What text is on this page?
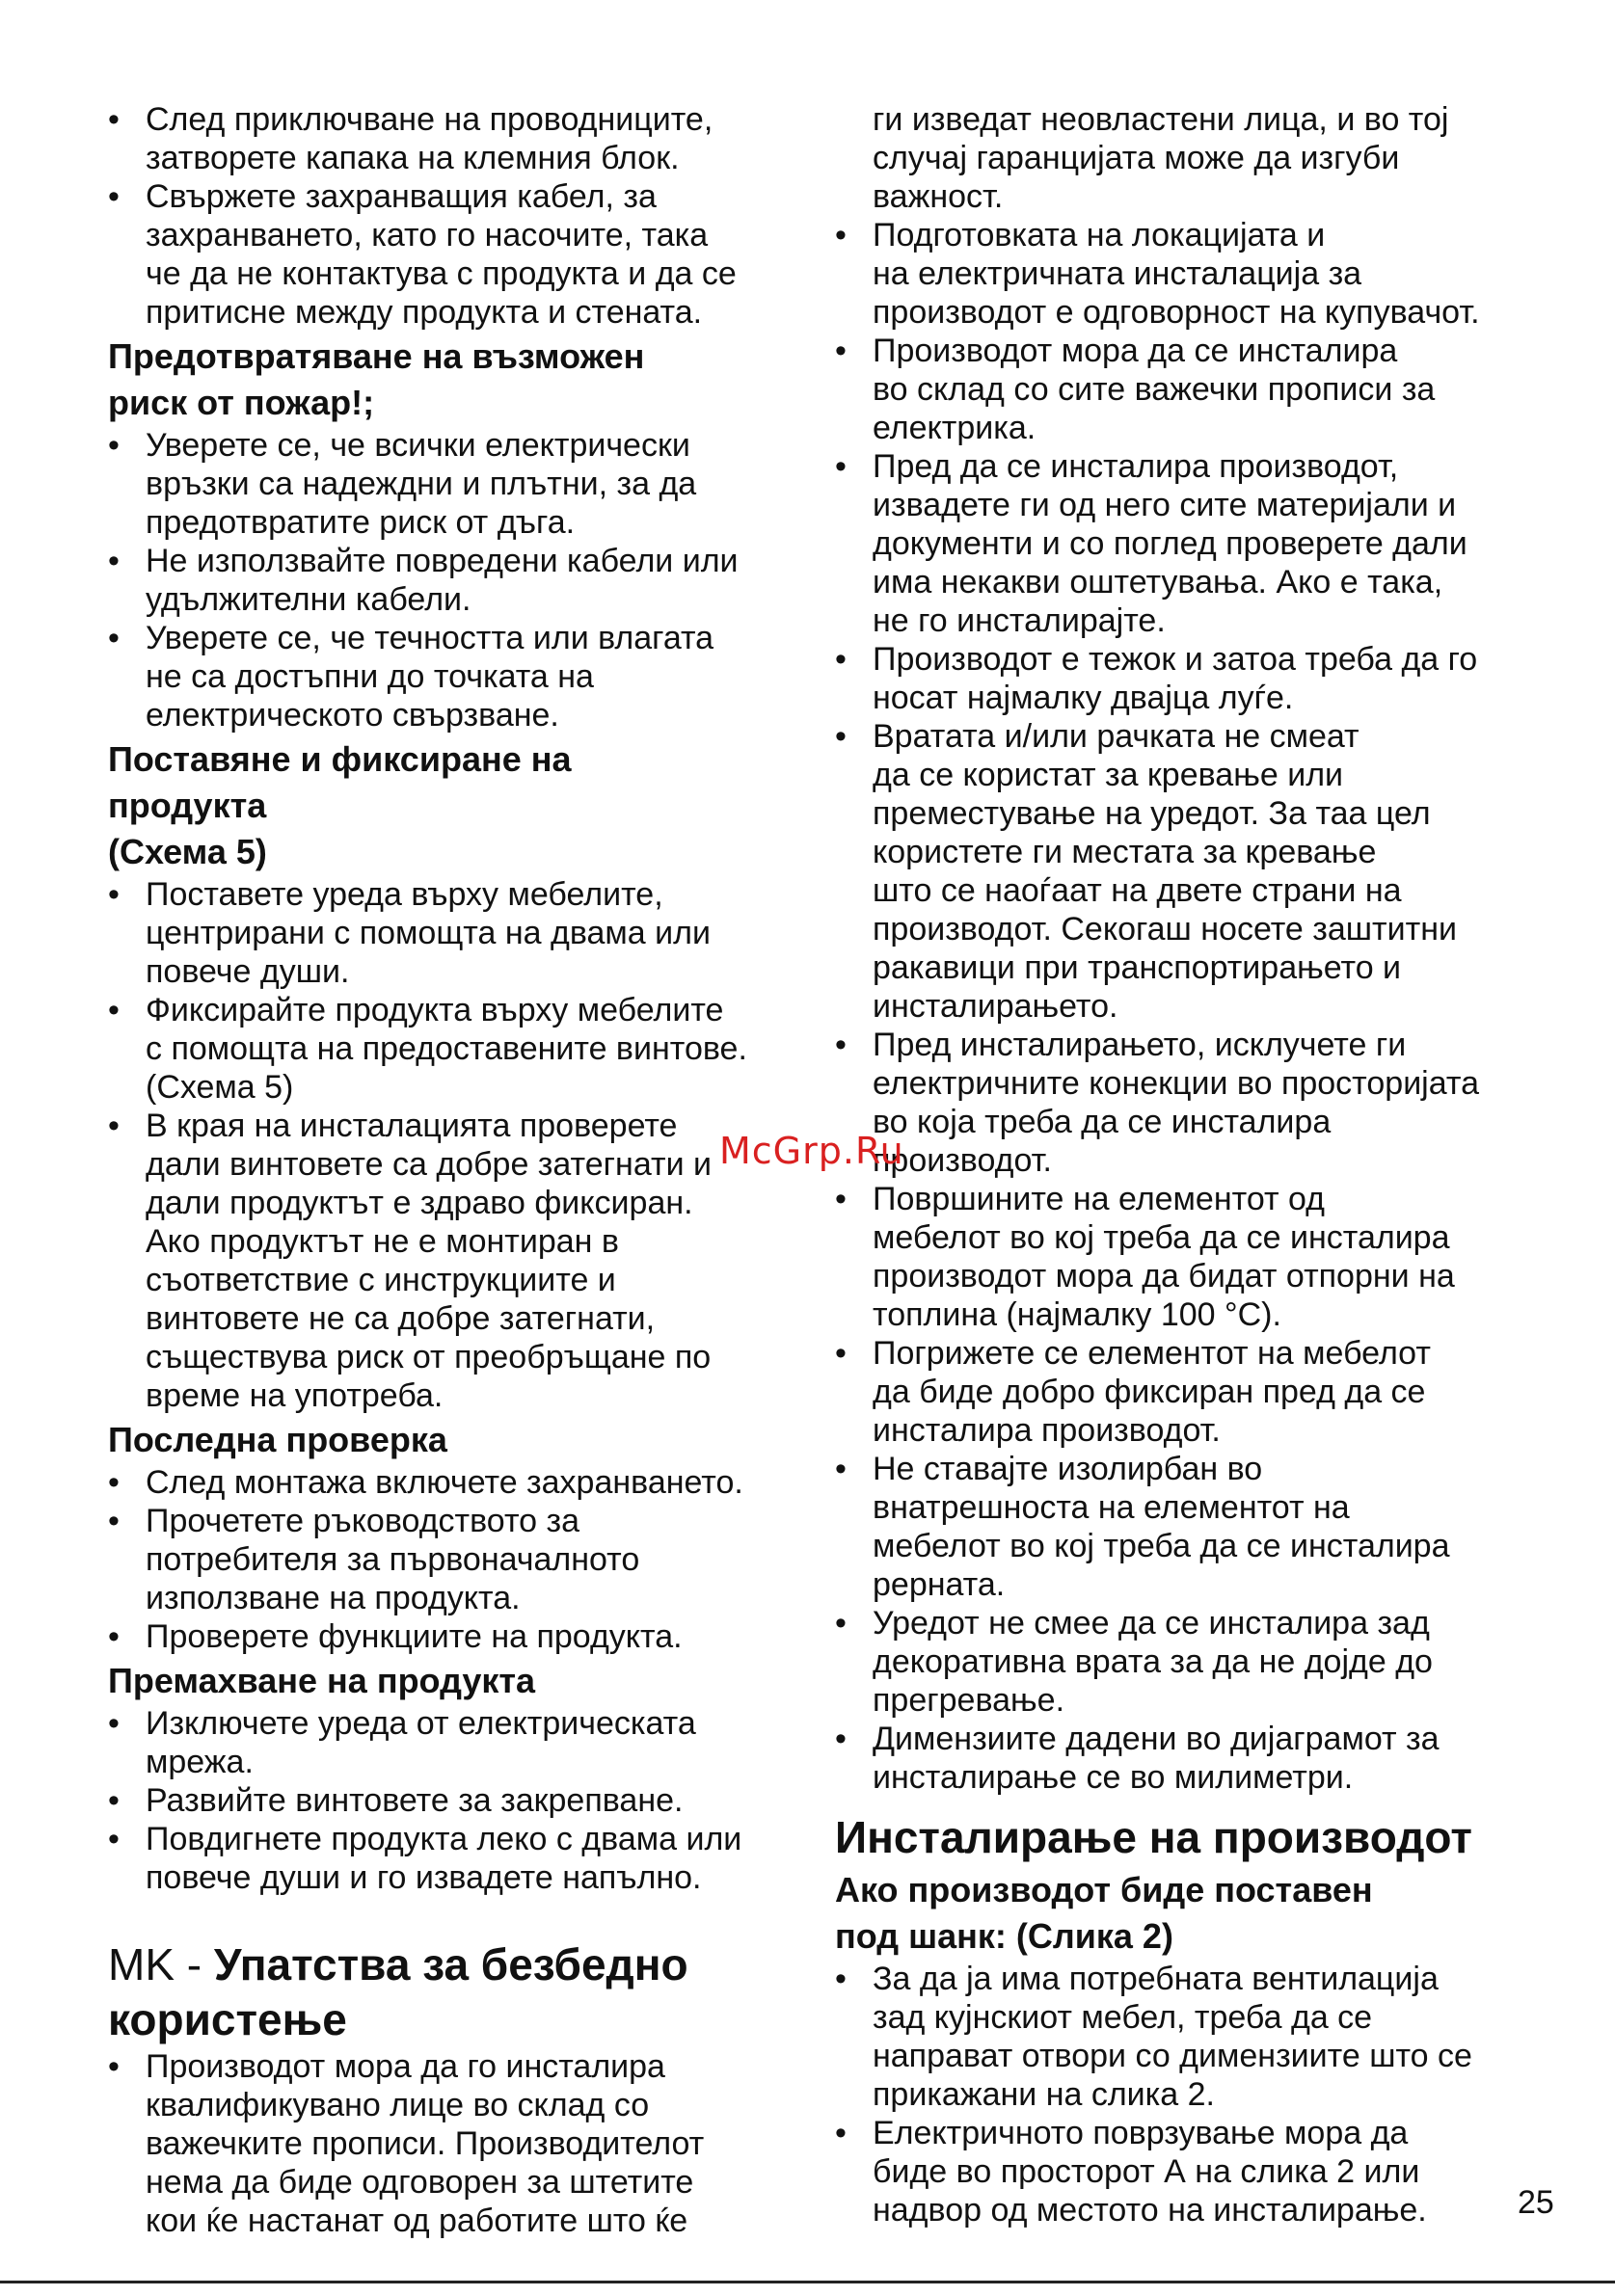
• След приключване на проводниците,
затворете капака на клемния блок.
• Свържете захранващия кабел, за
захранването, като го насочите, така
че да не контактува с продукта и да се
притисне между продукта и стената.
Предотвратяване на възможен
риск от пожар!;
• Уверете се, че всички електрически
връзки са надеждни и плътни, за да
предотвратите риск от дъга.
• Не използвайте повредени кабели или
удължителни кабели.
• Уверете се, че течността или влагата
не са достъпни до точката на
електрическото свързване.
Поставяне и фиксиране на
продукта
(Схема 5)
• Поставете уреда върху мебелите,
центрирани с помощта на двама или
повече души.
• Фиксирайте продукта върху мебелите
с помощта на предоставените винтове.
(Схема 5)
• В края на инсталацията проверете
дали винтовете са добре затегнати и
дали продуктът е здраво фиксиран.
Ако продуктът не е монтиран в
съответствие с инструкциите и
винтовете не са добре затегнати,
съществува риск от преобръщане по
време на употреба.
Последна проверка
• След монтажа включете захранването.
• Прочетете ръководството за
потребителя за първоначалното
използване на продукта.
• Проверете функциите на продукта.
Премахване на продукта
• Изключете уреда от електрическата
мрежа.
• Развийте винтовете за закрепване.
• Повдигнете продукта леко с двама или
повече души и го извадете напълно.
MK - Упатства за безбедно
користење
• Производот мора да го инсталира
квалификувано лице во склад со
важечките прописи. Производителот
нема да биде одговорен за штетите
кои ќе настанат од работите што ќе

ги изведат неовластени лица, и во тој
случај гаранцијата може да изгуби
важност.

• Подготовката на локацијата и
на електричната инсталација за
производот е одговорност на купувачот.
• Производот мора да се инсталира
во склад со сите важечки прописи за
електрика.
• Пред да се инсталира производот,
извадете ги од него сите материјали и
документи и со поглед проверете дали
има некакви оштетувања. Ако е така,
не го инсталирајте.
• Производот е тежок и затоа треба да го
носат најмалку двајца луѓе.
• Вратата и/или рачката не смеат
да се користат за кревање или
преместување на уредот. За таа цел
користете ги местата за кревање
што се наоѓаат на двете страни на
производот. Секогаш носете заштитни
ракавици при транспортирањето и
инсталирањето.
• Пред инсталирањето, исклучете ги
електричните конекции во просторијата
во која треба да се инсталира
производот.
• Површините на елементот од
мебелот во кој треба да се инсталира
производот мора да бидат отпорни на
топлина (најмалку 100 °C).
• Погрижете се елементот на мебелот
да биде добро фиксиран пред да се
инсталира производот.
• Не ставајте изолирбан во
внатрешноста на елементот на
мебелот во кој треба да се инсталира
рерната.
• Уредот не смее да се инсталира зад
декоративна врата за да не дојде до
прегревање.
• Димензиите дадени во дијаграмот за
инсталирање се во милиметри.
Инсталирање на производот
Ако производот биде поставен
под шанк: (Слика 2)
• За да ја има потребната вентилација
зад кујнскиот мебел, треба да се
направат отвори со димензиите што се
прикажани на слика 2.
• Електричното поврзување мора да
биде во просторот А на слика 2 или
надвор од местото на инсталирање.
McGrp.Ru
25
